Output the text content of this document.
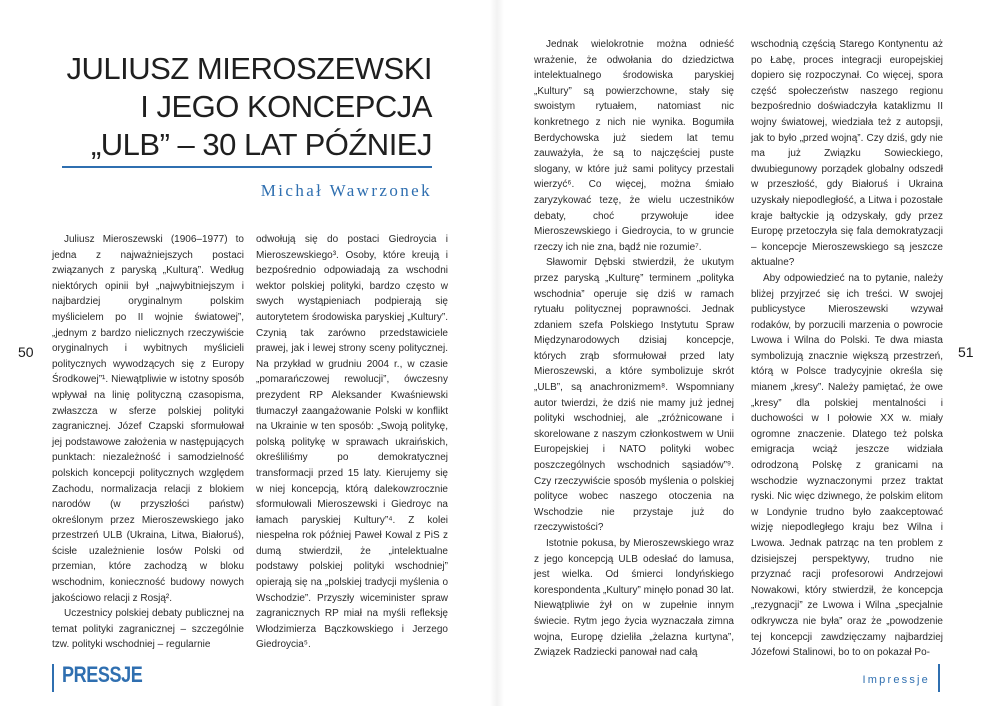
JULIUSZ MIEROSZEWSKI
I JEGO KONCEPCJA
„ULB” – 30 LAT PÓŹNIEJ
Michał Wawrzonek

Juliusz Mieroszewski (1906–1977) to jedna z najważniejszych postaci związanych z paryską „Kulturą”. Według niektórych opinii był „najwybitniejszym i najbardziej oryginalnym polskim myślicielem po II wojnie światowej”, „jednym z bardzo nielicznych rzeczywiście oryginalnych i wybitnych myślicieli politycznych wywodzących się z Europy Środkowej”¹. Niewątpliwie w istotny sposób wpływał na linię polityczną czasopisma, zwłaszcza w sferze polskiej polityki zagranicznej. Józef Czapski sformułował jej podstawowe założenia w następujących punktach: niezależność i samodzielność polskich koncepcji politycznych względem Zachodu, normalizacja relacji z blokiem narodów (w przyszłości państw) określonym przez Mieroszewskiego jako przestrzeń ULB (Ukraina, Litwa, Białoruś), ścisłe uzależnienie losów Polski od przemian, które zachodzą w bloku wschodnim, konieczność budowy nowych jakościowo relacji z Rosją².

Uczestnicy polskiej debaty publicznej na temat polityki zagranicznej – szczególnie tzw. polityki wschodniej – regularnie

odwołują się do postaci Giedroycia i Mieroszewskiego³. Osoby, które kreują i bezpośrednio odpowiadają za wschodni wektor polskiej polityki, bardzo często w swych wystąpieniach podpierają się autorytetem środowiska paryskiej „Kultury”. Czynią tak zarówno przedstawiciele prawej, jak i lewej strony sceny politycznej. Na przykład w grudniu 2004 r., w czasie „pomarańczowej rewolucji”, ówczesny prezydent RP Aleksander Kwaśniewski tłumaczył zaangażowanie Polski w konflikt na Ukrainie w ten sposób: „Swoją politykę, polską politykę w sprawach ukraińskich, określiliśmy po demokratycznej transformacji przed 15 laty. Kierujemy się w niej koncepcją, którą dalekowzrocznie sformułowali Mieroszewski i Giedroyc na łamach paryskiej Kultury”⁴. Z kolei niespełna rok później Paweł Kowal z PiS z dumą stwierdził, że „intelektualne podstawy polskiej polityki wschodniej” opierają się na „polskiej tradycji myślenia o Wschodzie”. Przyszły wiceminister spraw zagranicznych RP miał na myśli refleksję Włodzimierza Bączkowskiego i Jerzego Giedroycia⁵.

Jednak wielokrotnie można odnieść wrażenie, że odwołania do dziedzictwa intelektualnego środowiska paryskiej „Kultury” są powierzchowne, stały się swoistym rytuałem, natomiast nic konkretnego z nich nie wynika. Bogumiła Berdychowska już siedem lat temu zauważyła, że są to najczęściej puste slogany, w które już sami politycy przestali wierzyć⁶. Co więcej, można śmiało zaryzykować tezę, że wielu uczestników debaty, choć przywołuje idee Mieroszewskiego i Giedroycia, to w gruncie rzeczy ich nie zna, bądź nie rozumie⁷.

Sławomir Dębski stwierdził, że ukutym przez paryską „Kulturę” terminem „polityka wschodnia” operuje się dziś w ramach rytuału politycznej poprawności. Jednak zdaniem szefa Polskiego Instytutu Spraw Międzynarodowych dzisiaj koncepcje, których zrąb sformułował przed laty Mieroszewski, a które symbolizuje skrót „ULB”, są anachronizmem⁸. Wspomniany autor twierdzi, że dziś nie mamy już jednej polityki wschodniej, ale „zróżnicowane i skorelowane z naszym członkostwem w Unii Europejskiej i NATO polityki wobec poszczególnych wschodnich sąsiadów”⁹. Czy rzeczywiście sposób myślenia o polskiej polityce wobec naszego otoczenia na Wschodzie nie przystaje już do rzeczywistości?

Istotnie pokusa, by Mieroszewskiego wraz z jego koncepcją ULB odesłać do lamusa, jest wielka. Od śmierci londyńskiego korespondenta „Kultury” minęło ponad 30 lat. Niewątpliwie żył on w zupełnie innym świecie. Rytm jego życia wyznaczała zimna wojna, Europę dzieliła „żelazna kurtyna”, Związek Radziecki panował nad całą

wschodnią częścią Starego Kontynentu aż po Łabę, proces integracji europejskiej dopiero się rozpoczynał. Co więcej, spora część społeczeństw naszego regionu bezpośrednio doświadczyła kataklizmu II wojny światowej, wiedziała też z autopsji, jak to było „przed wojną”. Czy dziś, gdy nie ma już Związku Sowieckiego, dwubiegunowy porządek globalny odszedł w przeszłość, gdy Białoruś i Ukraina uzyskały niepodległość, a Litwa i pozostałe kraje bałtyckie ją odzyskały, gdy przez Europę przetoczyła się fala demokratyzacji – koncepcje Mieroszewskiego są jeszcze aktualne?

Aby odpowiedzieć na to pytanie, należy bliżej przyjrzeć się ich treści. W swojej publicystyce Mieroszewski wzywał rodaków, by porzucili marzenia o powrocie Lwowa i Wilna do Polski. Te dwa miasta symbolizują znacznie większą przestrzeń, którą w Polsce tradycyjnie określa się mianem „kresy”. Należy pamiętać, że owe „kresy” dla polskiej mentalności i duchowości w I połowie XX w. miały ogromne znaczenie. Dlatego też polska emigracja wciąż jeszcze widziała odrodzoną Polskę z granicami na wschodzie wyznaczonymi przez traktat ryski. Nic więc dziwnego, że polskim elitom w Londynie trudno było zaakceptować wizję niepodległego kraju bez Wilna i Lwowa. Jednak patrząc na ten problem z dzisiejszej perspektywy, trudno nie przyznać racji profesorowi Andrzejowi Nowakowi, który stwierdził, że koncepcja „rezygnacji” ze Lwowa i Wilna „specjalnie odkrywcza nie była” oraz że „powodzenie tej koncepcji zawdzięczamy najbardziej Józefowi Stalinowi, bo to on pokazał Po-

50	51
PRESSJE	Impressje
